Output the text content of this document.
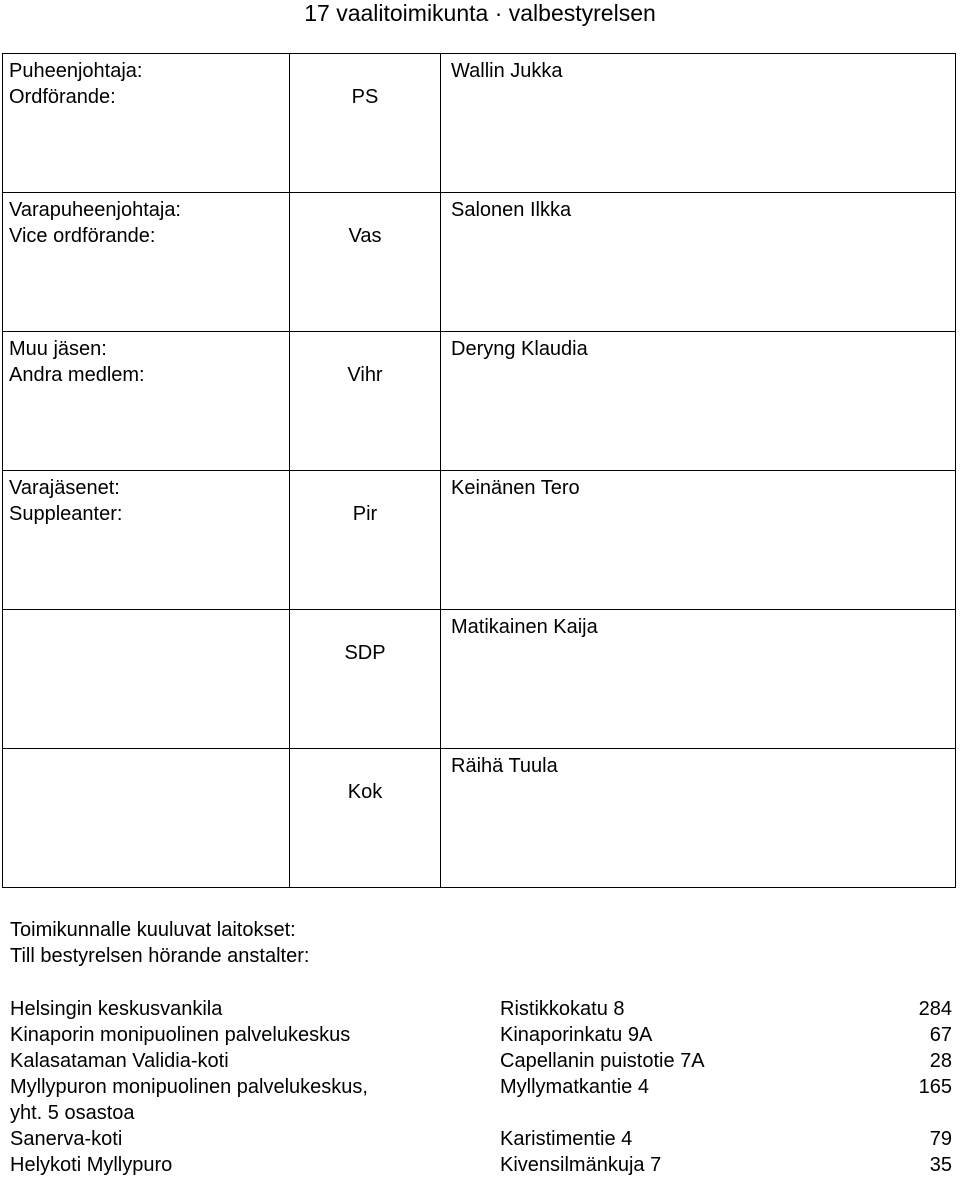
17 vaalitoimikunta · valbestyrelsen
Puheenjohtaja:
Ordförande:	PS	Wallin Jukka

Varapuheenjohtaja:
Vice ordförande:	Vas	Salonen Ilkka

Muu jäsen:
Andra medlem:	Vihr	Deryng Klaudia

Varajäsenet:
Suppleanter:	Pir	Keinänen Tero

	SDP	Matikainen Kaija

	Kok	Räihä Tuula
Toimikunnalle kuuluvat laitokset:
Till bestyrelsen hörande anstalter:
Helsingin keskusvankila	Ristikkokatu 8	284
Kinaporin monipuolinen palvelukeskus	Kinaporinkatu 9A	67
Kalasataman Validia-koti	Capellanin puistotie 7A	28
Myllypuron monipuolinen palvelukeskus,	Myllymatkantie 4	165
yht. 5 osastoa		
Sanerva-koti	Karistimentie 4	79
Helykoti Myllypuro	Kivensilmänkuja 7	35
